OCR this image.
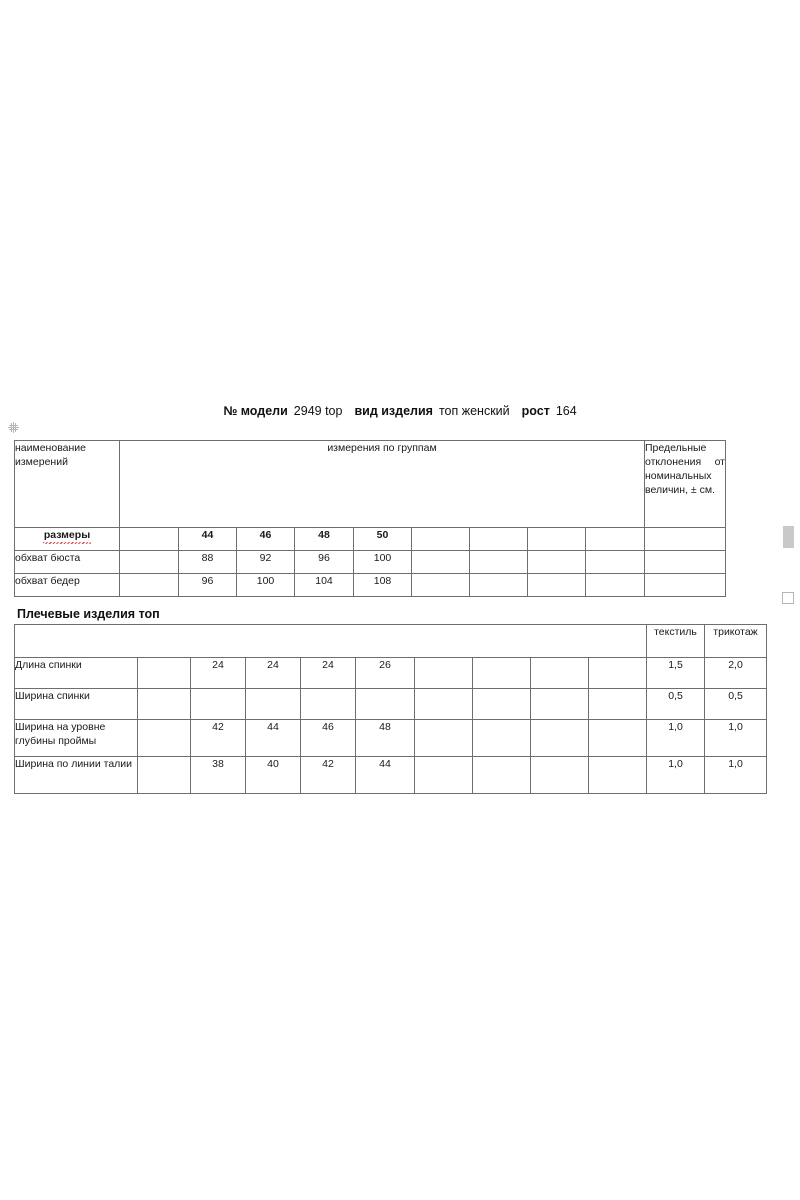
№ модели 2949 top вид изделия топ женский рост 164
наименование измерений	измерения по группам									Предельные отклонения от номинальных величин, ± см.
размеры		44	46	48	50					
обхват бюста		88	92	96	100					
обхват бедер		96	100	104	108					
Плечевые изделия топ
										текстиль	трикотаж
Длина спинки		24	24	24	26					1,5	2,0
Ширина спинки										0,5	0,5
Ширина на уровне глубины проймы		42	44	46	48					1,0	1,0
Ширина по линии талии		38	40	42	44					1,0	1,0
